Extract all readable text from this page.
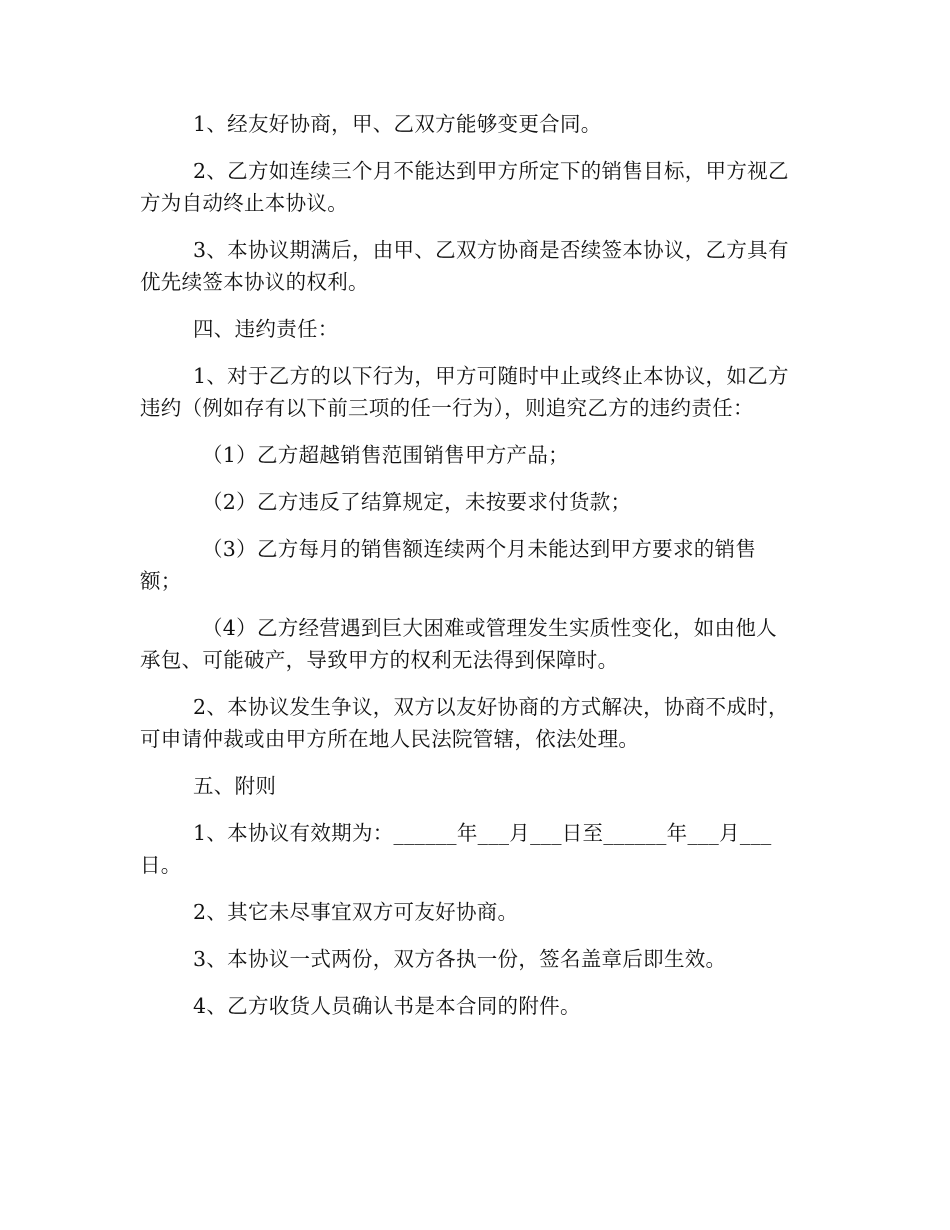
1、经友好协商，甲、乙双方能够变更合同。

2、乙方如连续三个月不能达到甲方所定下的销售目标，甲方视乙方为自动终止本协议。

3、本协议期满后，由甲、乙双方协商是否续签本协议，乙方具有优先续签本协议的权利。

四、违约责任：

1、对于乙方的以下行为，甲方可随时中止或终止本协议，如乙方违约（例如存有以下前三项的任一行为），则追究乙方的违约责任：

（1）乙方超越销售范围销售甲方产品；

（2）乙方违反了结算规定，未按要求付货款；

（3）乙方每月的销售额连续两个月未能达到甲方要求的销售额；

（4）乙方经营遇到巨大困难或管理发生实质性变化，如由他人承包、可能破产，导致甲方的权利无法得到保障时。

2、本协议发生争议，双方以友好协商的方式解决，协商不成时，可申请仲裁或由甲方所在地人民法院管辖，依法处理。

五、附则

1、本协议有效期为：______年___月___日至______年___月___日。

2、其它未尽事宜双方可友好协商。

3、本协议一式两份，双方各执一份，签名盖章后即生效。

4、乙方收货人员确认书是本合同的附件。
